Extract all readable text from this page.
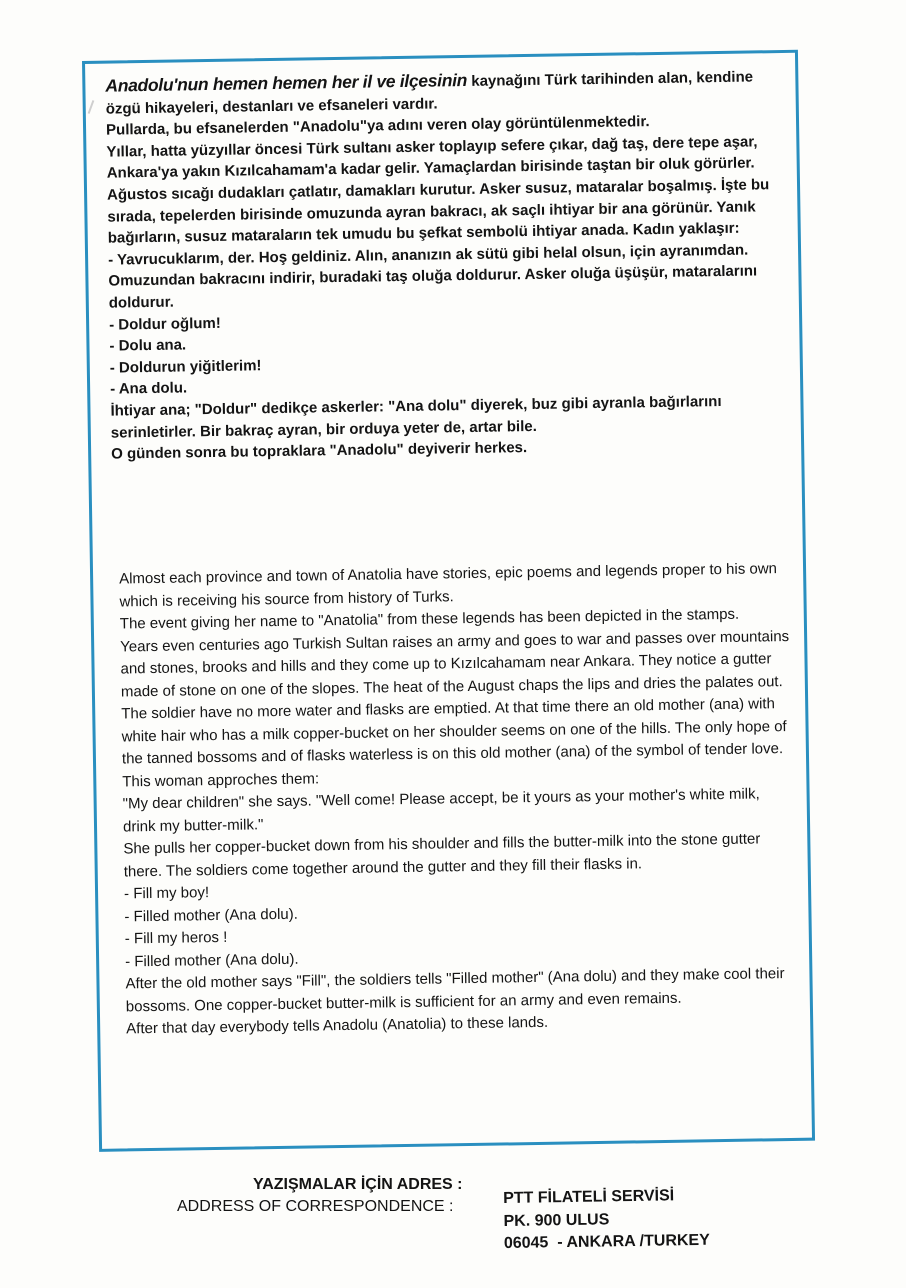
Anadolu'nun hemen hemen her il ve ilçesinin kaynağını Türk tarihinden alan, kendine özgü hikayeleri, destanları ve efsaneleri vardır.

Pullarda, bu efsanelerden "Anadolu"ya adını veren olay görüntülenmektedir.

Yıllar, hatta yüzyıllar öncesi Türk sultanı asker toplayıp sefere çıkar, dağ taş, dere tepe aşar, Ankara'ya yakın Kızılcahamam'a kadar gelir. Yamaçlardan birisinde taştan bir oluk görürler. Ağustos sıcağı dudakları çatlatır, damakları kurutur. Asker susuz, mataralar boşalmış. İşte bu sırada, tepelerden birisinde omuzunda ayran bakracı, ak saçlı ihtiyar bir ana görünür. Yanık bağırların, susuz mataraların tek umudu bu şefkat sembolü ihtiyar anada. Kadın yaklaşır:

- Yavrucuklarım, der. Hoş geldiniz. Alın, ananızın ak sütü gibi helal olsun, için ayranımdan.

Omuzundan bakracını indirir, buradaki taş oluğa doldurur. Asker oluğa üşüşür, mataralarını doldurur.

- Doldur oğlum!

- Dolu ana.

- Doldurun yiğitlerim!

- Ana dolu.

İhtiyar ana; "Doldur" dedikçe askerler: "Ana dolu" diyerek, buz gibi ayranla bağırlarını serinletirler. Bir bakraç ayran, bir orduya yeter de, artar bile.

O günden sonra bu topraklara "Anadolu" deyiverir herkes.

Almost each province and town of Anatolia have stories, epic poems and legends proper to his own which is receiving his source from history of Turks.

The event giving her name to "Anatolia" from these legends has been depicted in the stamps.

Years even centuries ago Turkish Sultan raises an army and goes to war and passes over mountains and stones, brooks and hills and they come up to Kızılcahamam near Ankara. They notice a gutter made of stone on one of the slopes. The heat of the August chaps the lips and dries the palates out.

The soldier have no more water and flasks are emptied. At that time there an old mother (ana) with white hair who has a milk copper-bucket on her shoulder seems on one of the hills. The only hope of the tanned bossoms and of flasks waterless is on this old mother (ana) of the symbol of tender love. This woman approches them:

"My dear children" she says. "Well come! Please accept, be it yours as your mother's white milk, drink my butter-milk."

She pulls her copper-bucket down from his shoulder and fills the butter-milk into the stone gutter there. The soldiers come together around the gutter and they fill their flasks in.

- Fill my boy!

- Filled mother (Ana dolu).

- Fill my heros !

- Filled mother (Ana dolu).

After the old mother says "Fill", the soldiers tells "Filled mother" (Ana dolu) and they make cool their bossoms. One copper-bucket butter-milk is sufficient for an army and even remains.

After that day everybody tells Anadolu (Anatolia) to these lands.

YAZIŞMALAR İÇİN ADRES :
ADDRESS OF CORRESPONDENCE :	PTT FİLATELİ SERVİSİ
PK. 900 ULUS
06045  - ANKARA /TURKEY
